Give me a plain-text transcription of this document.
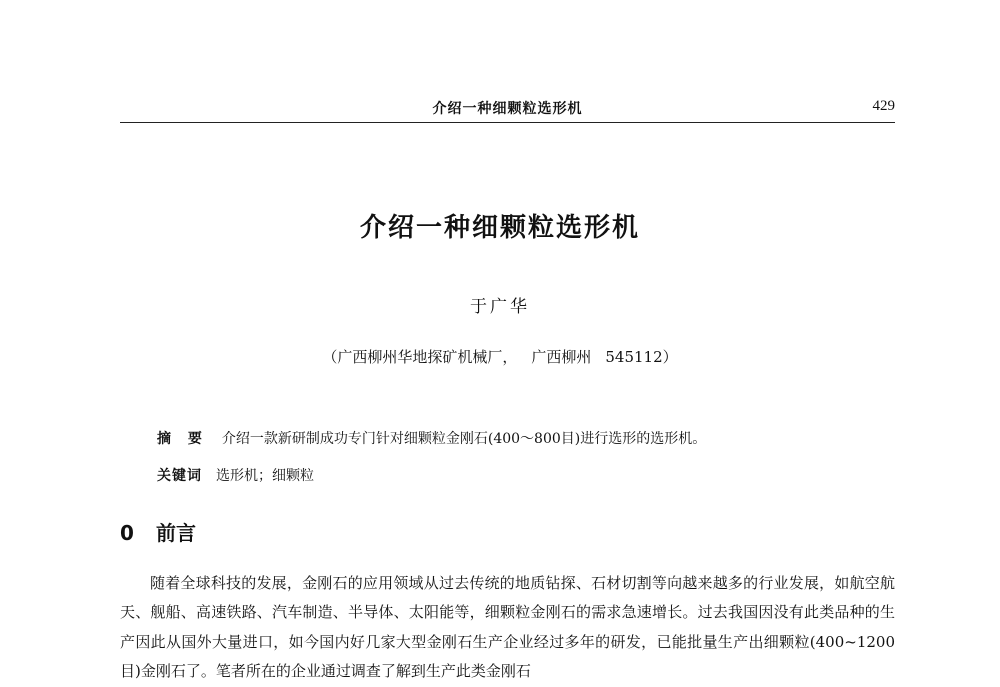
介绍一种细颗粒选形机	429
介绍一种细颗粒选形机
于广华
（广西柳州华地探矿机械厂， 广西柳州 545112）
摘 要 介绍一款新研制成功专门针对细颗粒金刚石(400～800目)进行选形的选形机。
关键词 选形机；细颗粒
0 前言

随着全球科技的发展，金刚石的应用领域从过去传统的地质钻探、石材切割等向越来越多的行业发展，如航空航天、舰船、高速铁路、汽车制造、半导体、太阳能等，细颗粒金刚石的需求急速增长。过去我国因没有此类品种的生产因此从国外大量进口，如今国内好几家大型金刚石生产企业经过多年的研发，已能批量生产出细颗粒(400~1200目)金刚石了。笔者所在的企业通过调查了解到生产此类金刚石
